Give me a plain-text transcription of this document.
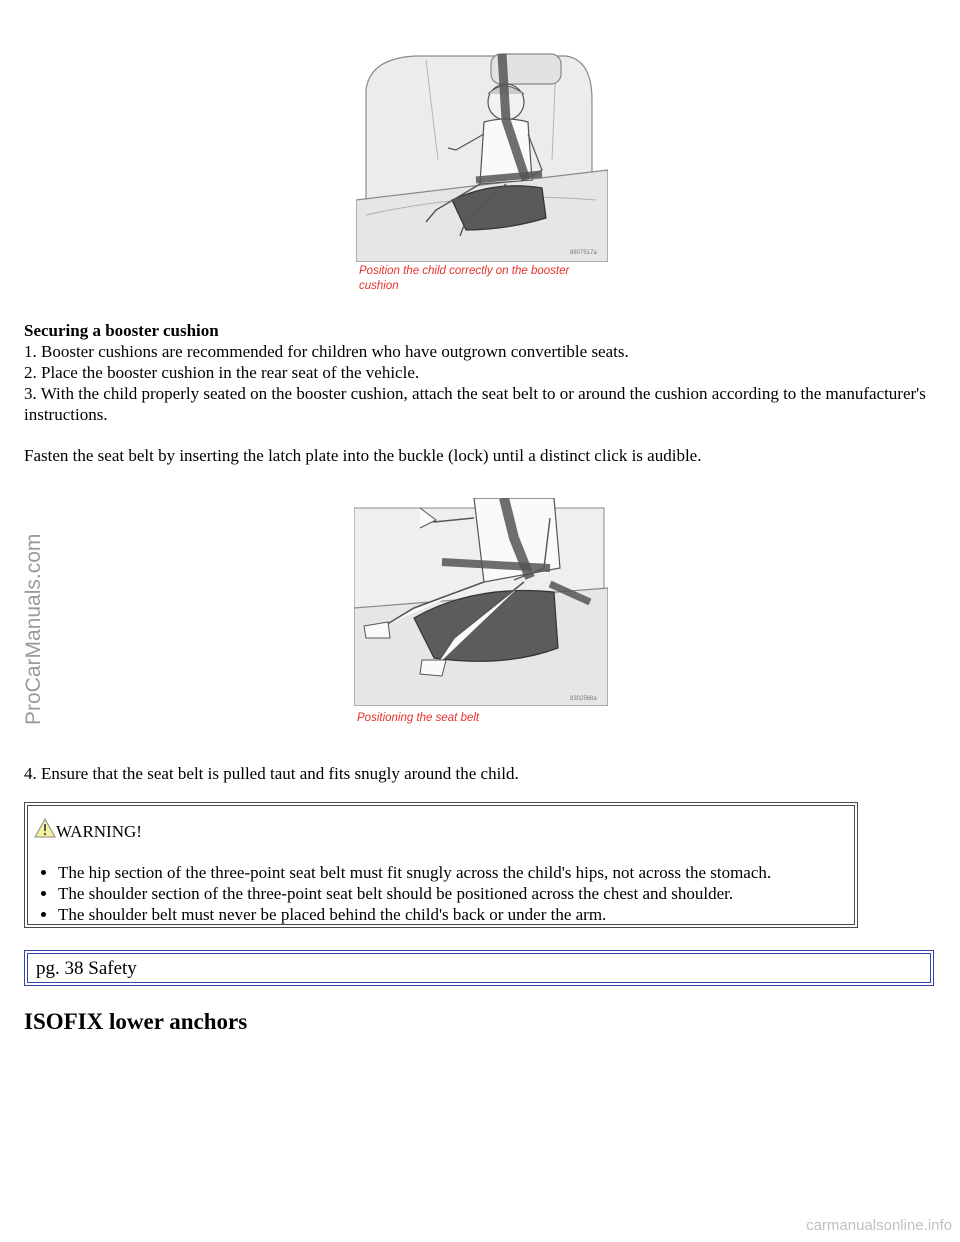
ProCarManuals.com
8807517a
Position the child correctly on the booster cushion
Securing a booster cushion
1. Booster cushions are recommended for children who have outgrown convertible seats.
2. Place the booster cushion in the rear seat of the vehicle.
3. With the child properly seated on the booster cushion, attach the seat belt to or around the cushion according to the manufacturer's instructions.
Fasten the seat belt by inserting the latch plate into the buckle (lock) until a distinct click is audible.
8302568a
Positioning the seat belt
4. Ensure that the seat belt is pulled taut and fits snugly around the child.
WARNING!
• The hip section of the three-point seat belt must fit snugly across the child's hips, not across the stomach.
• The shoulder section of the three-point seat belt should be positioned across the chest and shoulder.
• The shoulder belt must never be placed behind the child's back or under the arm.
pg. 38 Safety
ISOFIX lower anchors
carmanualsonline.info
